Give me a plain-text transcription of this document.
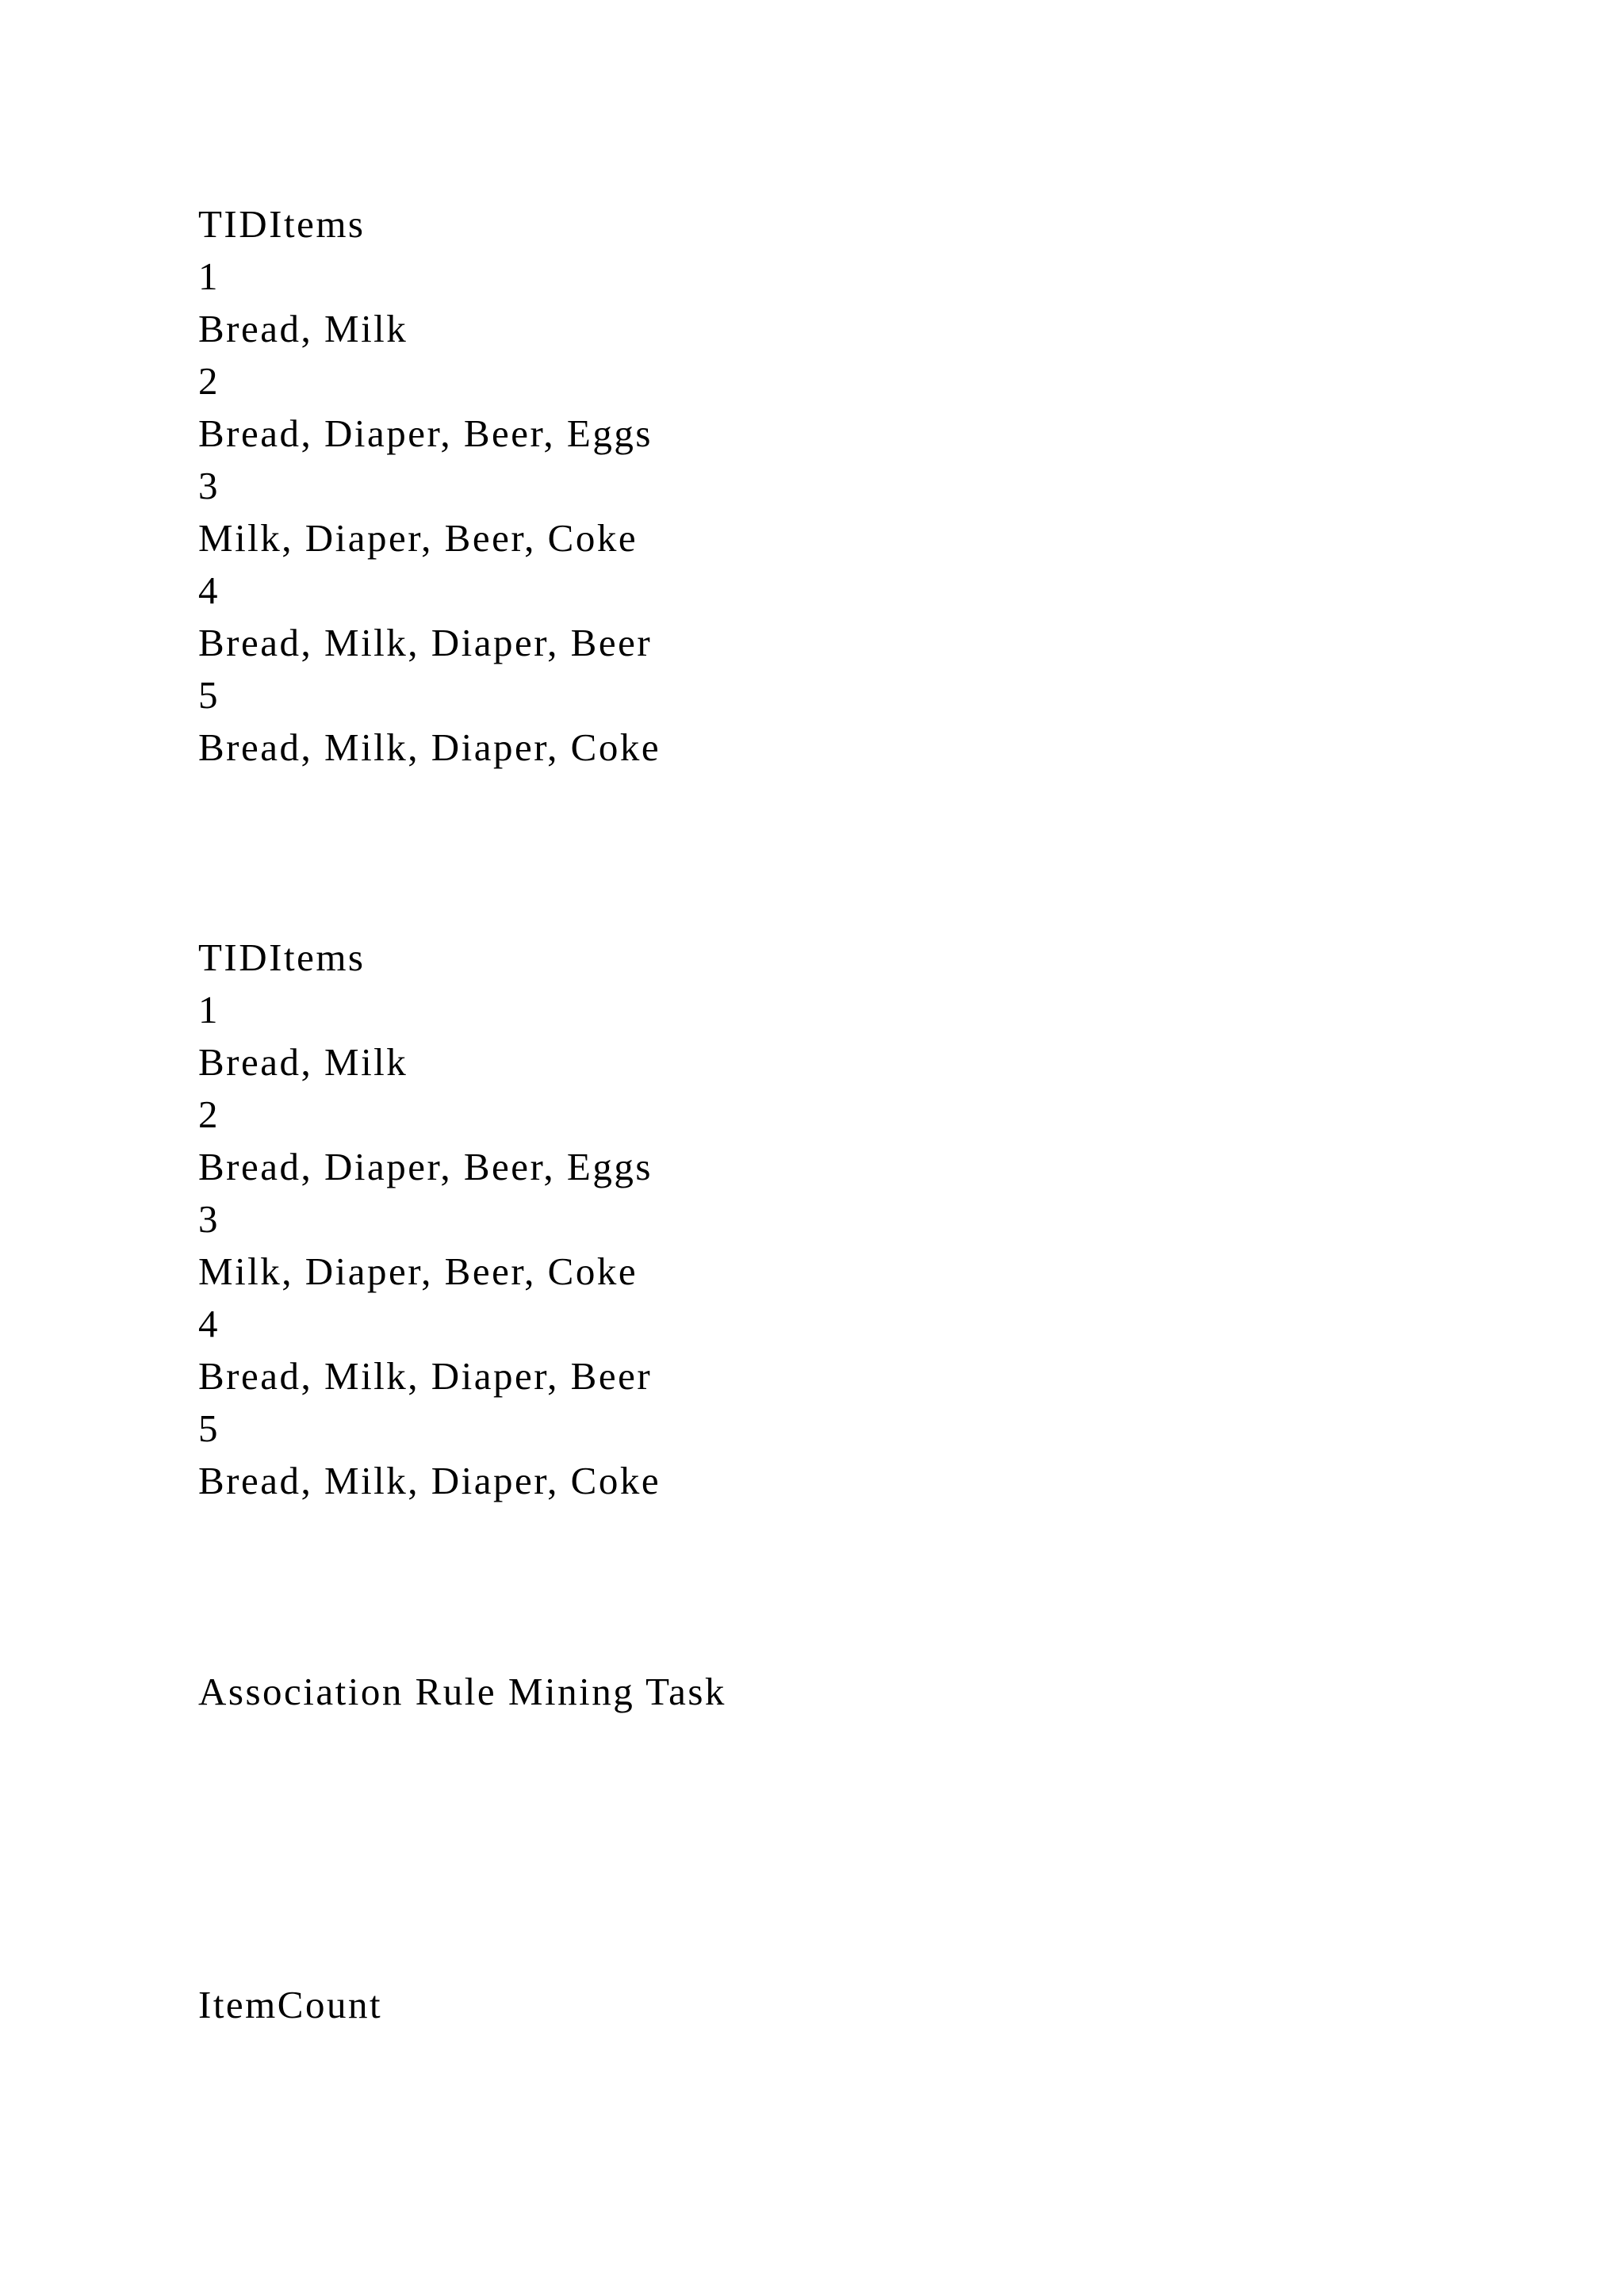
TIDItems

1

Bread, Milk

2

Bread, Diaper, Beer, Eggs

3

Milk, Diaper, Beer, Coke

4

Bread, Milk, Diaper, Beer

5

Bread, Milk, Diaper, Coke

TIDItems

1

Bread, Milk

2

Bread, Diaper, Beer, Eggs

3

Milk, Diaper, Beer, Coke

4

Bread, Milk, Diaper, Beer

5

Bread, Milk, Diaper, Coke

Association Rule Mining Task

ItemCount
